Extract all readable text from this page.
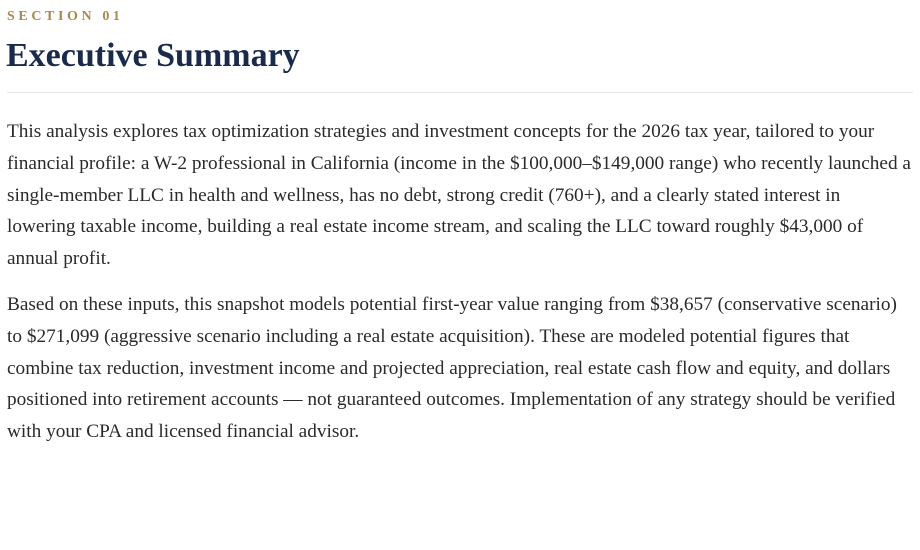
SECTION 01
Executive Summary

This analysis explores tax optimization strategies and investment concepts for the 2026 tax year, tailored to your financial profile: a W-2 professional in California (income in the $100,000–$149,000 range) who recently launched a single-member LLC in health and wellness, has no debt, strong credit (760+), and a clearly stated interest in lowering taxable income, building a real estate income stream, and scaling the LLC toward roughly $43,000 of annual profit.

Based on these inputs, this snapshot models potential first-year value ranging from $38,657 (conservative scenario) to $271,099 (aggressive scenario including a real estate acquisition). These are modeled potential figures that combine tax reduction, investment income and projected appreciation, real estate cash flow and equity, and dollars positioned into retirement accounts — not guaranteed outcomes. Implementation of any strategy should be verified with your CPA and licensed financial advisor.
